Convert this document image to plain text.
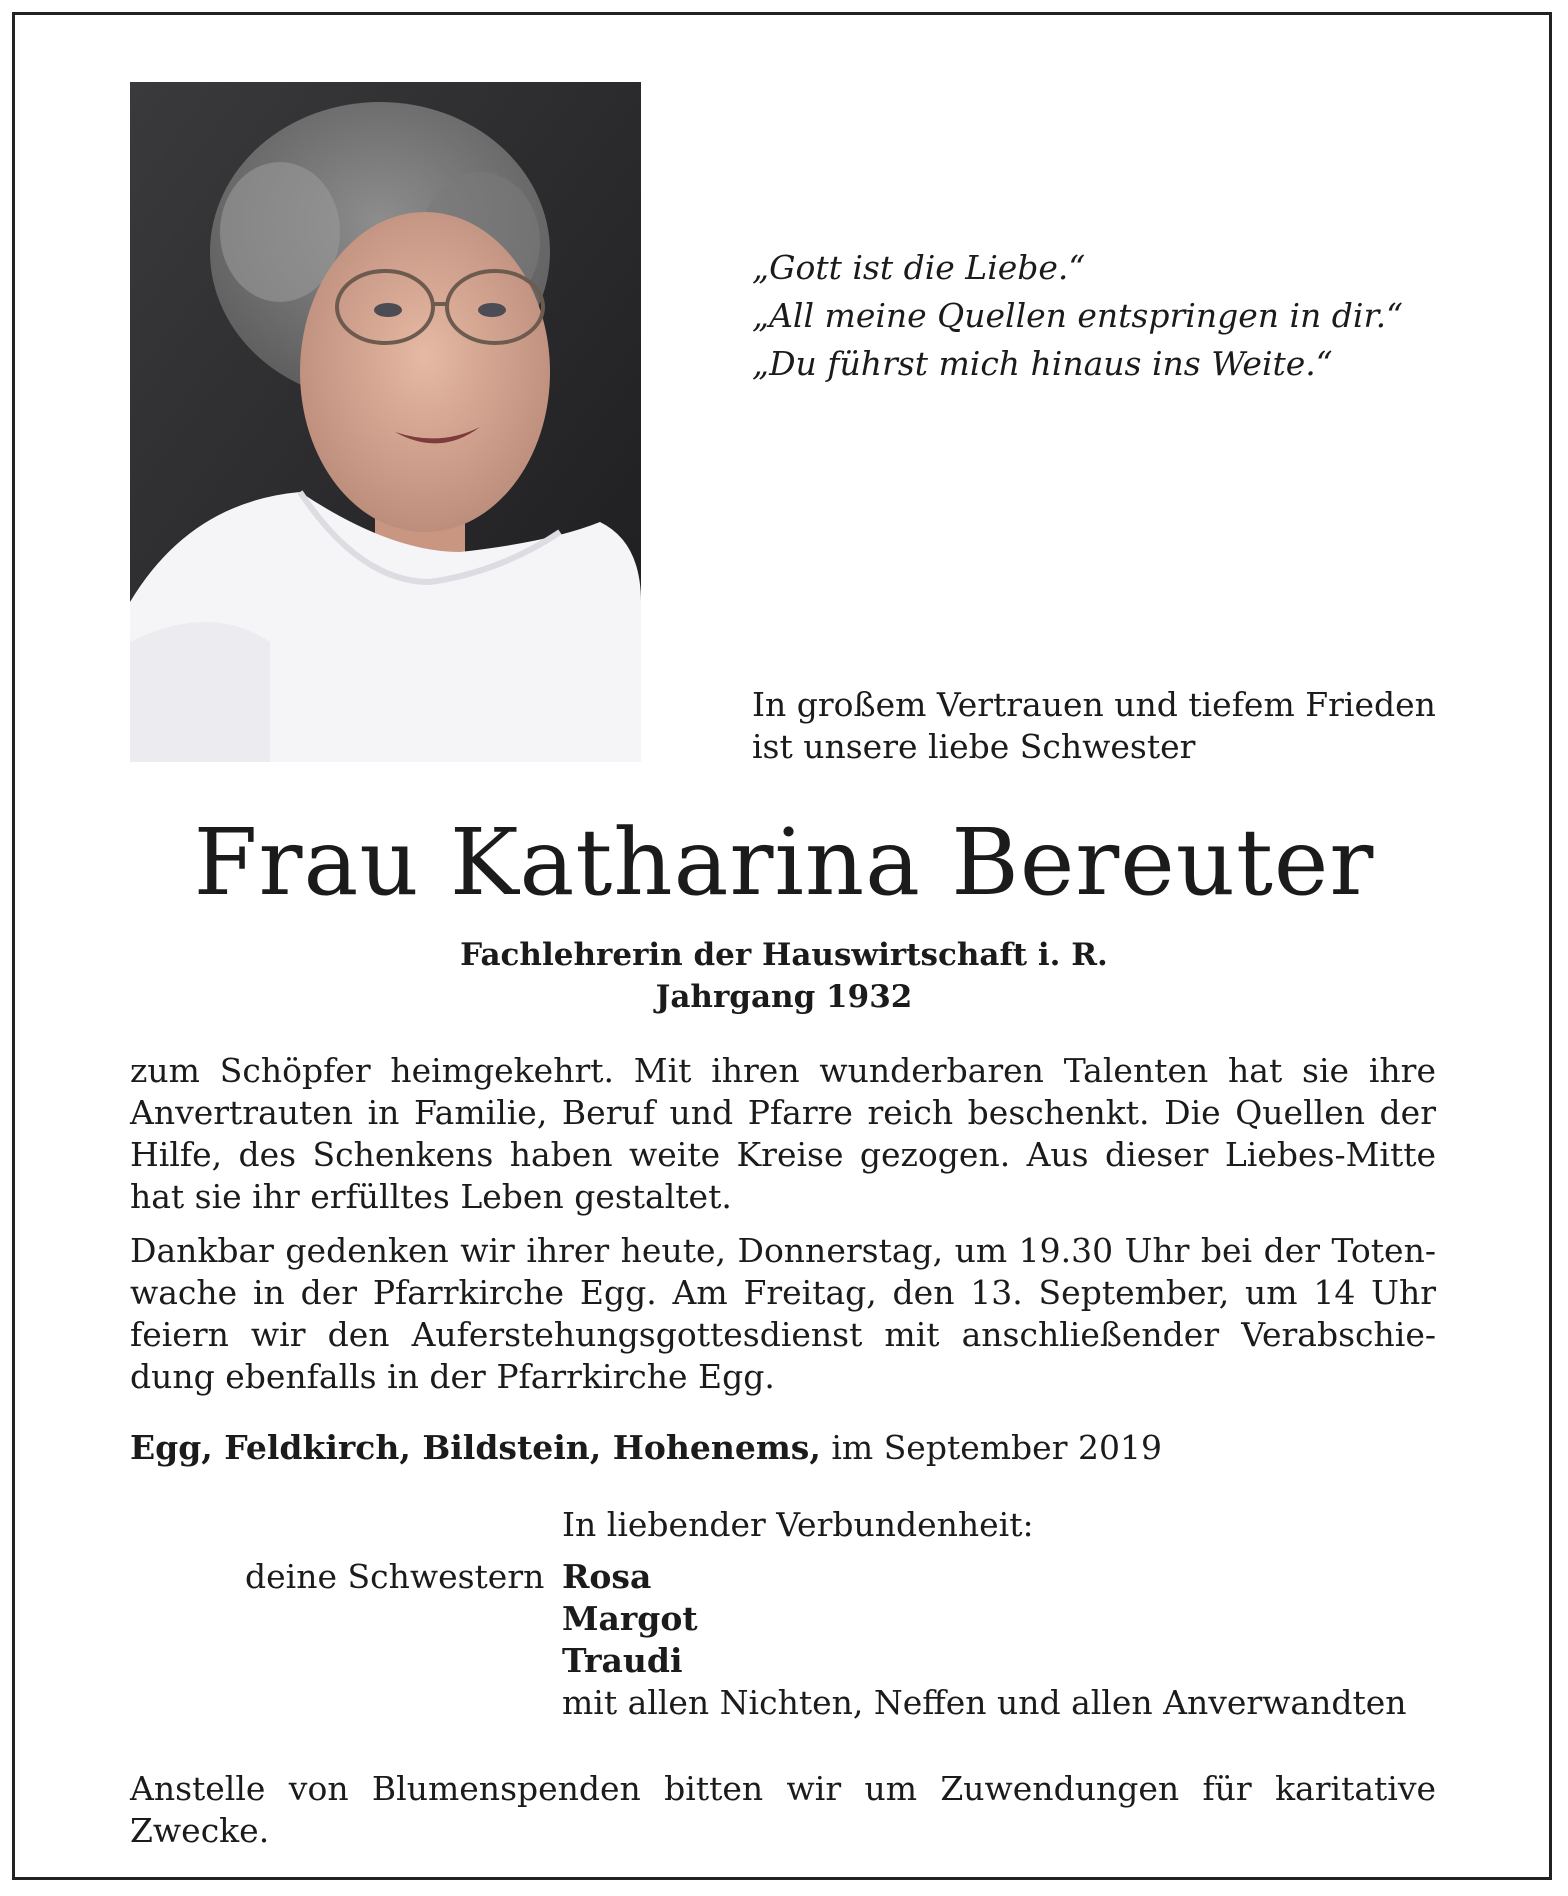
„Gott ist die Liebe.“
„All meine Quellen entspringen in dir.“
„Du führst mich hinaus ins Weite.“
In großem Vertrauen und tiefem Frieden
ist unsere liebe Schwester
Frau Katharina Bereuter
Fachlehrerin der Hauswirtschaft i. R.
Jahrgang 1932
zum Schöpfer heimgekehrt. Mit ihren wunderbaren Talenten hat sie ihre
Anvertrauten in Familie, Beruf und Pfarre reich beschenkt. Die Quellen der
Hilfe, des Schenkens haben weite Kreise gezogen. Aus dieser Liebes-Mitte
hat sie ihr erfülltes Leben gestaltet.
Dankbar gedenken wir ihrer heute, Donnerstag, um 19.30 Uhr bei der Toten-
wache in der Pfarrkirche Egg. Am Freitag, den 13. September, um 14 Uhr
feiern wir den Auferstehungsgottesdienst mit anschließender Verabschie-
dung ebenfalls in der Pfarrkirche Egg.
Egg, Feldkirch, Bildstein, Hohenems, im September 2019
In liebender Verbundenheit:
deine Schwestern Rosa
Margot
Traudi
mit allen Nichten, Neffen und allen Anverwandten
Anstelle von Blumenspenden bitten wir um Zuwendungen für karitative
Zwecke.
